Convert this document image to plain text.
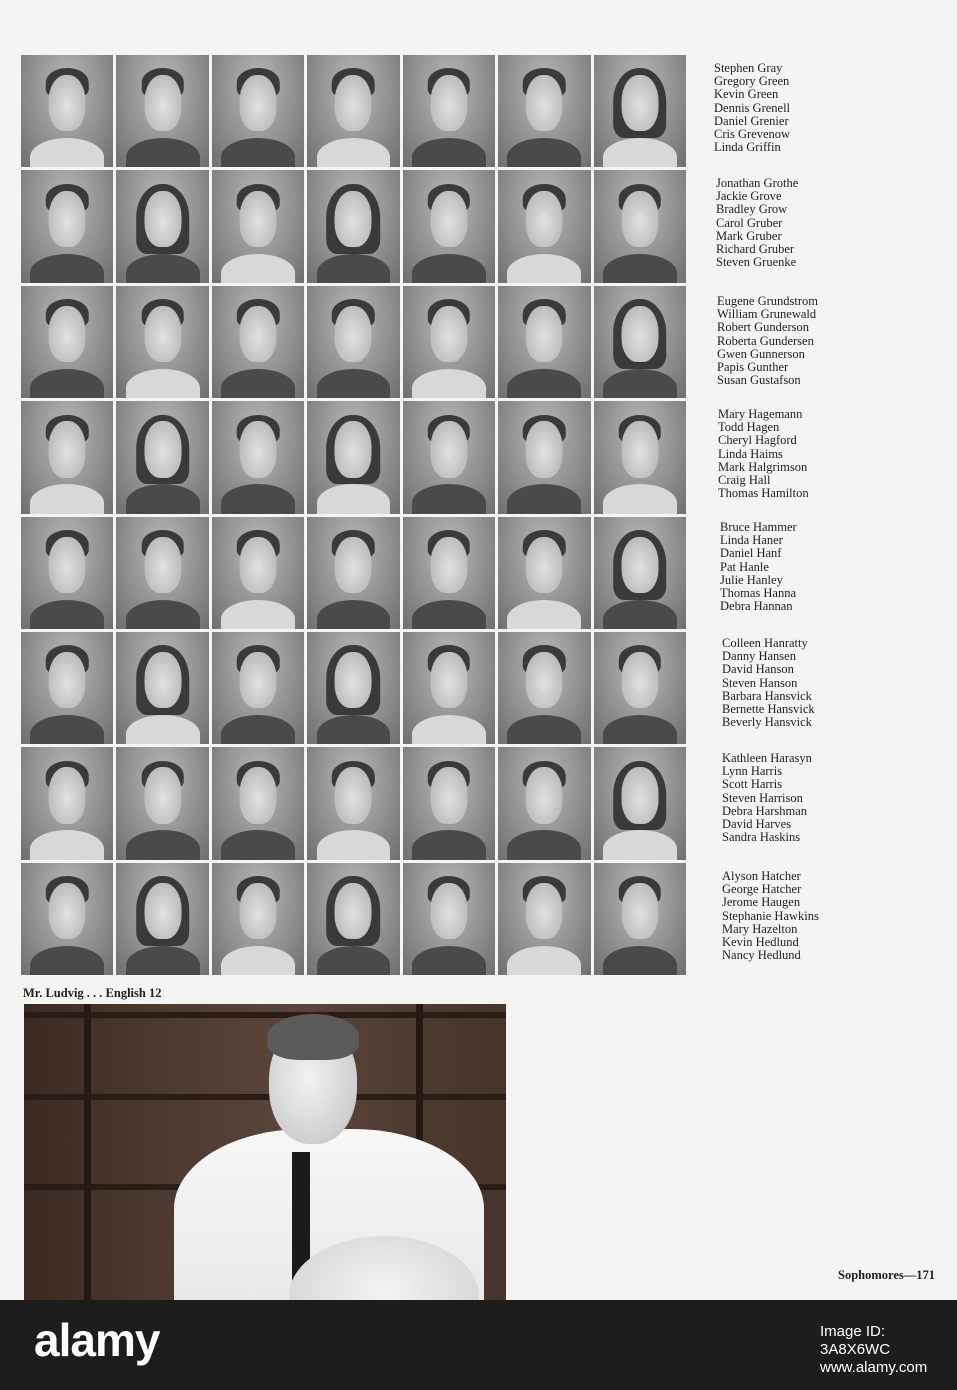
Stephen Gray
Gregory Green
Kevin Green
Dennis Grenell
Daniel Grenier
Cris Grevenow
Linda Griffin
Jonathan Grothe
Jackie Grove
Bradley Grow
Carol Gruber
Mark Gruber
Richard Gruber
Steven Gruenke
Eugene Grundstrom
William Grunewald
Robert Gunderson
Roberta Gundersen
Gwen Gunnerson
Papis Gunther
Susan Gustafson
Mary Hagemann
Todd Hagen
Cheryl Hagford
Linda Haims
Mark Halgrimson
Craig Hall
Thomas Hamilton
Bruce Hammer
Linda Haner
Daniel Hanf
Pat Hanle
Julie Hanley
Thomas Hanna
Debra Hannan
Colleen Hanratty
Danny Hansen
David Hanson
Steven Hanson
Barbara Hansvick
Bernette Hansvick
Beverly Hansvick
Kathleen Harasyn
Lynn Harris
Scott Harris
Steven Harrison
Debra Harshman
David Harves
Sandra Haskins
Alyson Hatcher
George Hatcher
Jerome Haugen
Stephanie Hawkins
Mary Hazelton
Kevin Hedlund
Nancy Hedlund
Mr. Ludvig . . . English 12
Sophomores—171
alamy	Image ID: 3A8X6WC
www.alamy.com
